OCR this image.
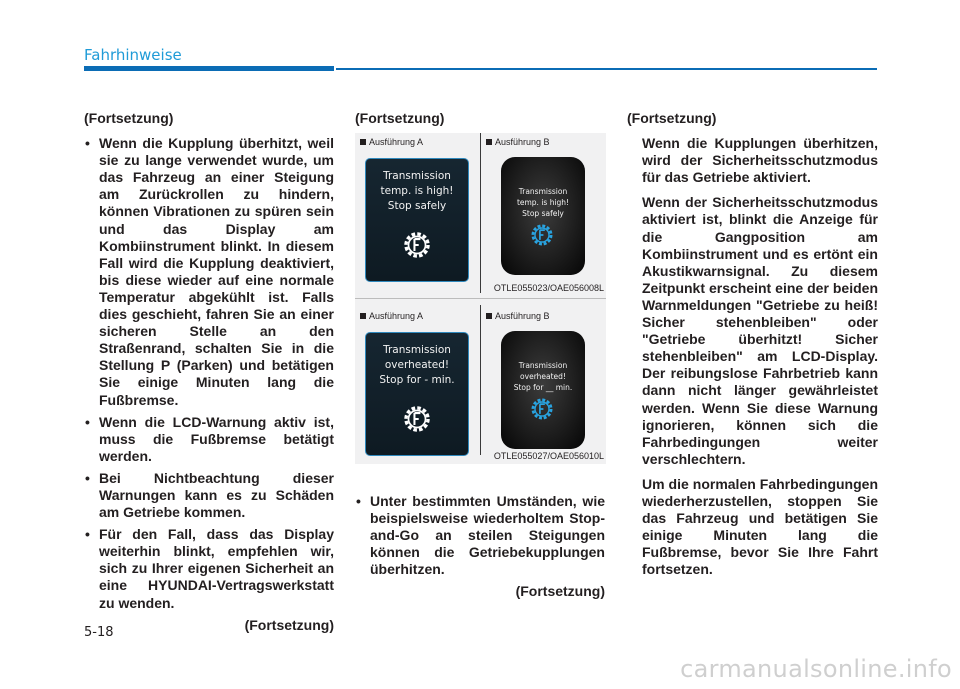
Fahrhinweise

(Fortsetzung)

• Wenn die Kupplung überhitzt, weil sie zu lange verwendet wurde, um das Fahrzeug an einer Steigung am Zurückrollen zu hindern, können Vibrationen zu spüren sein und das Display am Kombiinstrument blinkt. In diesem Fall wird die Kupplung deaktiviert, bis diese wieder auf eine normale Temperatur abgekühlt ist. Falls dies geschieht, fahren Sie an einer sicheren Stelle an den Straßenrand, schalten Sie in die Stellung P (Parken) und betätigen Sie einige Minuten lang die Fußbremse.
• Wenn die LCD-Warnung aktiv ist, muss die Fußbremse betätigt werden.
• Bei Nichtbeachtung dieser Warnungen kann es zu Schäden am Getriebe kommen.
• Für den Fall, dass das Display weiterhin blinkt, empfehlen wir, sich zu Ihrer eigenen Sicherheit an eine HYUNDAI-Vertragswerkstatt zu wenden.

(Fortsetzung)

(Fortsetzung)
Ausführung A	Ausführung B
Transmission
temp. is high!
Stop safely
Transmission
temp. is high!
Stop safely
OTLE055023/OAE056008L
Ausführung A	Ausführung B
Transmission
overheated!
Stop for - min.
Transmission
overheated!
Stop for __ min.
OTLE055027/OAE056010L
• Unter bestimmten Umständen, wie beispielsweise wiederholtem Stop-and-Go an steilen Steigungen können die Getriebekupplungen überhitzen.

(Fortsetzung)

(Fortsetzung)

Wenn die Kupplungen überhitzen, wird der Sicherheitsschutzmodus für das Getriebe aktiviert.

Wenn der Sicherheitsschutzmodus aktiviert ist, blinkt die Anzeige für die Gangposition am Kombiinstrument und es ertönt ein Akustikwarnsignal. Zu diesem Zeitpunkt erscheint eine der beiden Warnmeldungen "Getriebe zu heiß! Sicher stehenbleiben" oder "Getriebe überhitzt! Sicher stehenbleiben" am LCD-Display. Der reibungslose Fahrbetrieb kann dann nicht länger gewährleistet werden. Wenn Sie diese Warnung ignorieren, können sich die Fahrbedingungen weiter verschlechtern.

Um die normalen Fahrbedingungen wiederherzustellen, stoppen Sie das Fahrzeug und betätigen Sie einige Minuten lang die Fußbremse, bevor Sie Ihre Fahrt fortsetzen.

5-18
carmanualsonline.info
